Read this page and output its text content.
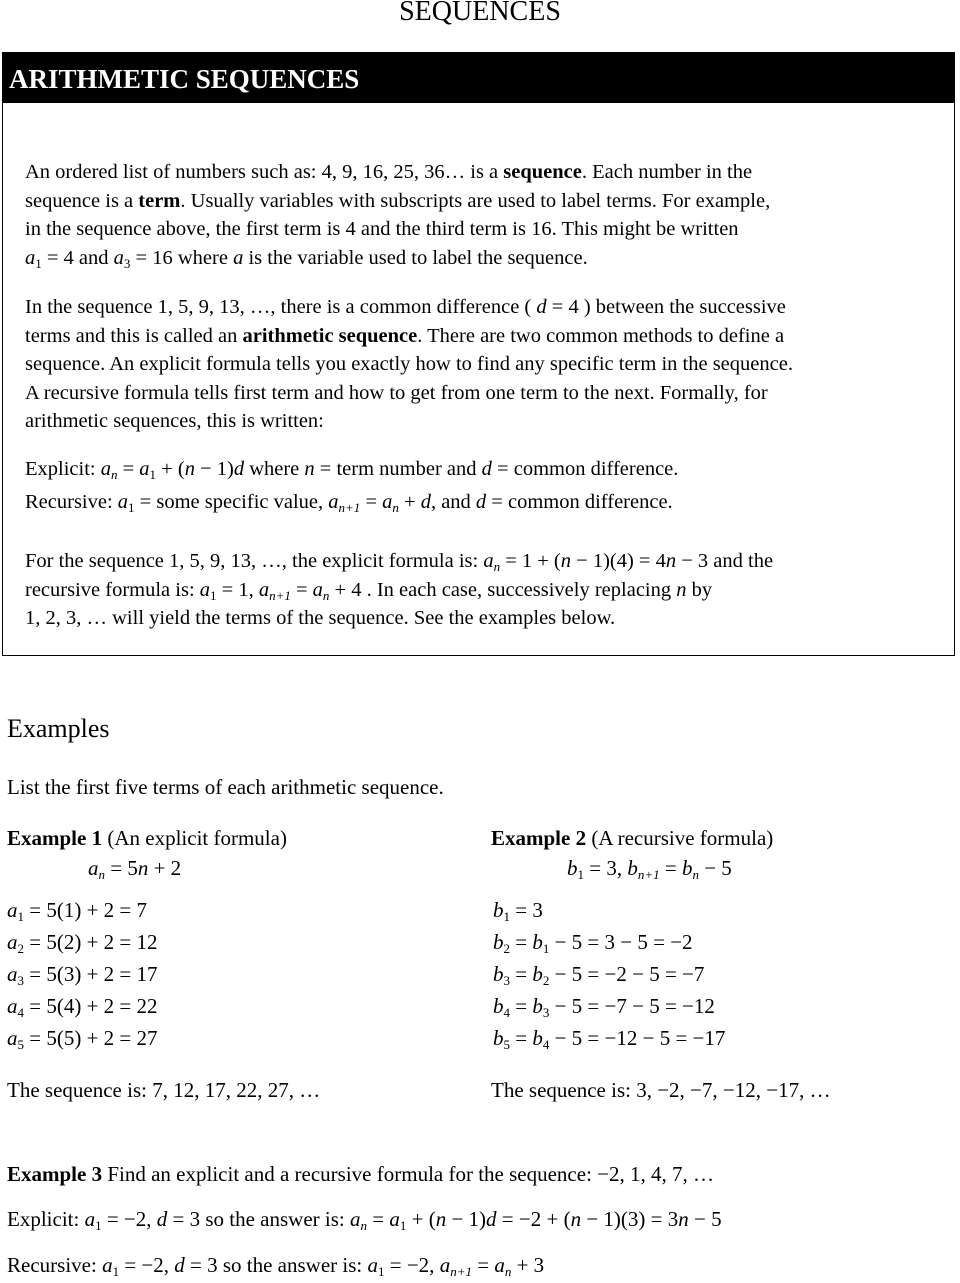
SEQUENCES
ARITHMETIC SEQUENCES
An ordered list of numbers such as: 4, 9, 16, 25, 36… is a sequence. Each number in the
sequence is a term. Usually variables with subscripts are used to label terms. For example,
in the sequence above, the first term is 4 and the third term is 16. This might be written
$a_1 = 4$ and $a_3 = 16$ where a is the variable used to label the sequence.
In the sequence 1, 5, 9, 13, …, there is a common difference ( d = 4 ) between the successive
terms and this is called an arithmetic sequence. There are two common methods to define a
sequence. An explicit formula tells you exactly how to find any specific term in the sequence.
A recursive formula tells first term and how to get from one term to the next. Formally, for
arithmetic sequences, this is written:
Explicit: $a_n = a_1 + (n - 1)d$ where n = term number and d = common difference.
Recursive: $a_1$ = some specific value, $a_{n+1} = a_n + d$, and d = common difference.
For the sequence 1, 5, 9, 13, …, the explicit formula is: $a_n = 1 + (n - 1)(4) = 4n - 3$ and the
recursive formula is: $a_1 = 1$, $a_{n+1} = a_n + 4$ . In each case, successively replacing n by
1, 2, 3, … will yield the terms of the sequence. See the examples below.
Examples
List the first five terms of each arithmetic sequence.
Example 1 (An explicit formula)
$a_n = 5n + 2$
$a_1 = 5(1) + 2 = 7$
$a_2 = 5(2) + 2 = 12$
$a_3 = 5(3) + 2 = 17$
$a_4 = 5(4) + 2 = 22$
$a_5 = 5(5) + 2 = 27$
The sequence is: 7, 12, 17, 22, 27, …
Example 2 (A recursive formula)
$b_1 = 3$, $b_{n+1} = b_n - 5$
$b_1 = 3$
$b_2 = b_1 - 5 = 3 - 5 = -2$
$b_3 = b_2 - 5 = -2 - 5 = -7$
$b_4 = b_3 - 5 = -7 - 5 = -12$
$b_5 = b_4 - 5 = -12 - 5 = -17$
The sequence is: 3, −2, −7, −12, −17, …
Example 3 Find an explicit and a recursive formula for the sequence: −2, 1, 4, 7, …
Explicit: $a_1 = -2$, d = 3 so the answer is: $a_n = a_1 + (n - 1)d = -2 + (n - 1)(3) = 3n - 5$
Recursive: $a_1 = -2$, d = 3 so the answer is: $a_1 = -2$, $a_{n+1} = a_n + 3$
